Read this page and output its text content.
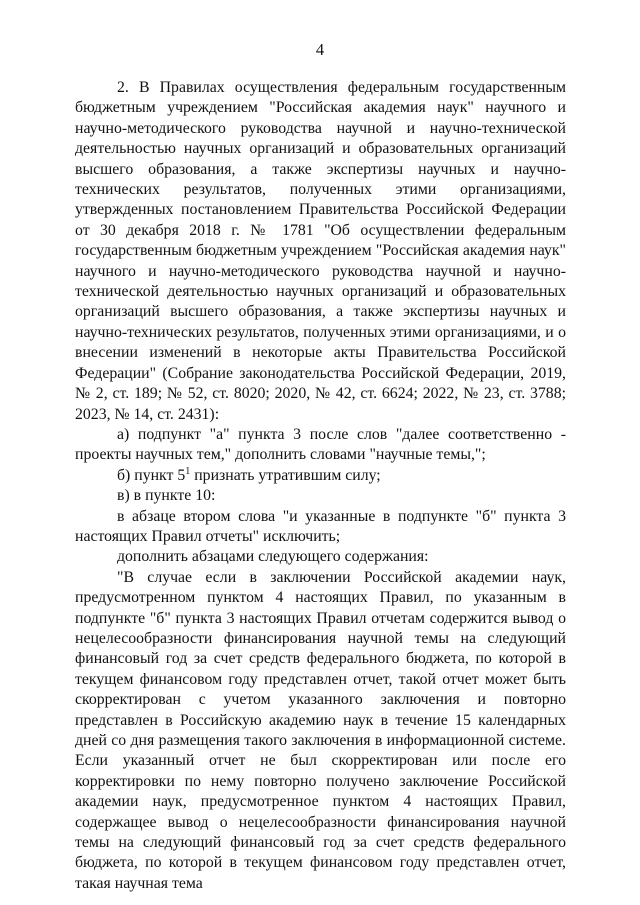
4

2. В Правилах осуществления федеральным государственным бюджетным учреждением "Российская академия наук" научного и научно-методического руководства научной и научно-технической деятельностью научных организаций и образовательных организаций высшего образования, а также экспертизы научных и научно-технических результатов, полученных этими организациями, утвержденных постановлением Правительства Российской Федерации от 30 декабря 2018 г. № 1781 "Об осуществлении федеральным государственным бюджетным учреждением "Российская академия наук" научного и научно-методического руководства научной и научно-технической деятельностью научных организаций и образовательных организаций высшего образования, а также экспертизы научных и научно-технических результатов, полученных этими организациями, и о внесении изменений в некоторые акты Правительства Российской Федерации" (Собрание законодательства Российской Федерации, 2019, № 2, ст. 189; № 52, ст. 8020; 2020, № 42, ст. 6624; 2022, № 23, ст. 3788; 2023, № 14, ст. 2431):

а) подпункт "а" пункта 3 после слов "далее соответственно - проекты научных тем," дополнить словами "научные темы,";

б) пункт $5^1$ признать утратившим силу;

в) в пункте 10:

в абзаце втором слова "и указанные в подпункте "б" пункта 3 настоящих Правил отчеты" исключить;

дополнить абзацами следующего содержания:

"В случае если в заключении Российской академии наук, предусмотренном пунктом 4 настоящих Правил, по указанным в подпункте "б" пункта 3 настоящих Правил отчетам содержится вывод о нецелесообразности финансирования научной темы на следующий финансовый год за счет средств федерального бюджета, по которой в текущем финансовом году представлен отчет, такой отчет может быть скорректирован с учетом указанного заключения и повторно представлен в Российскую академию наук в течение 15 календарных дней со дня размещения такого заключения в информационной системе. Если указанный отчет не был скорректирован или после его корректировки по нему повторно получено заключение Российской академии наук, предусмотренное пунктом 4 настоящих Правил, содержащее вывод о нецелесообразности финансирования научной темы на следующий финансовый год за счет средств федерального бюджета, по которой в текущем финансовом году представлен отчет, такая научная тема
